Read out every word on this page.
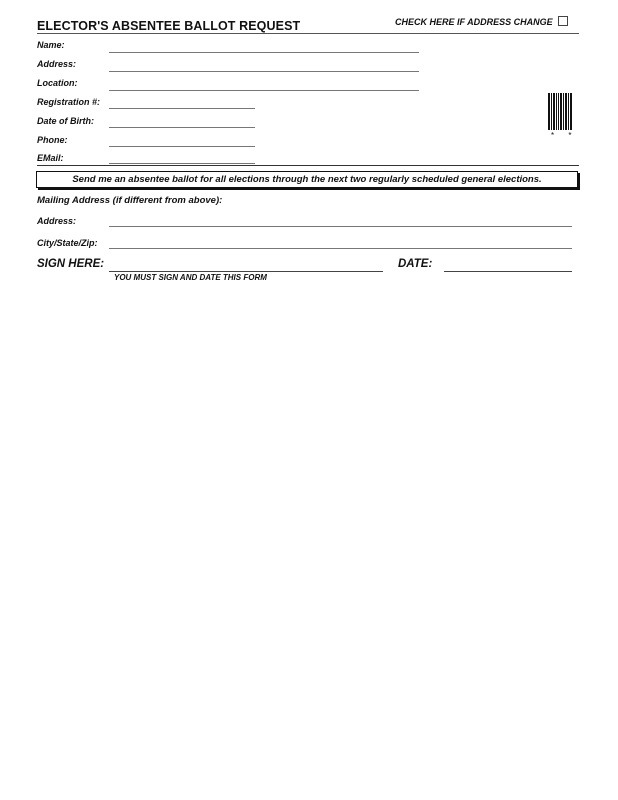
ELECTOR'S ABSENTEE BALLOT REQUEST	CHECK HERE IF ADDRESS CHANGE
Name:
Address:
Location:
Registration #:
Date of Birth:
Phone:
EMail:
* *
Send me an absentee ballot for all elections through the next two regularly scheduled general elections.
Mailing Address (if different from above):
Address:
City/State/Zip:
SIGN HERE:	DATE:
YOU MUST SIGN AND DATE THIS FORM
